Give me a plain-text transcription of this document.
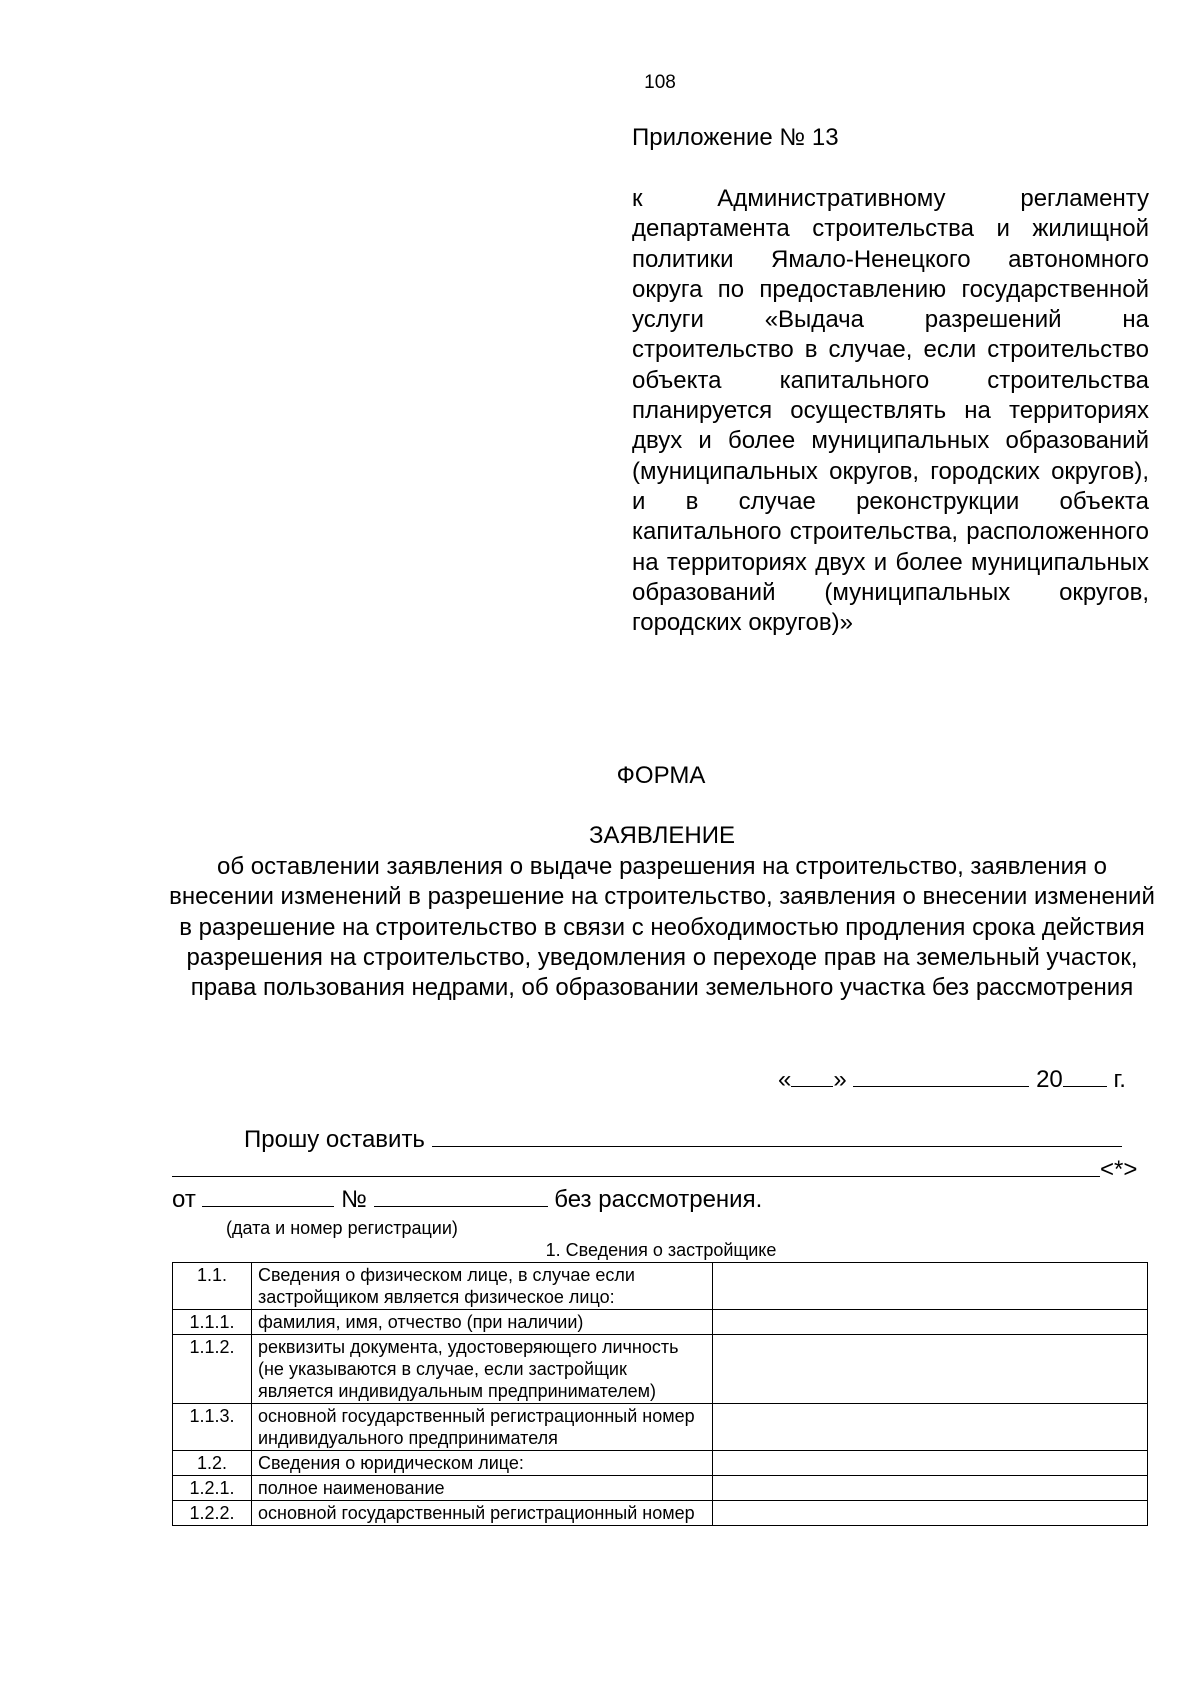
108
Приложение № 13
к Административному регламенту департамента строительства и жилищной политики Ямало-Ненецкого автономного округа по предоставлению государственной услуги «Выдача разрешений на строительство в случае, если строительство объекта капитального строительства планируется осуществлять на территориях двух и более муниципальных образований (муниципальных округов, городских округов), и в случае реконструкции объекта капитального строительства, расположенного на территориях двух и более муниципальных образований (муниципальных округов, городских округов)»
ФОРМА
ЗАЯВЛЕНИЕ
об оставлении заявления о выдаче разрешения на строительство, заявления о внесении изменений в разрешение на строительство, заявления о внесении изменений в разрешение на строительство в связи с необходимостью продления срока действия разрешения на строительство, уведомления о переходе прав на земельный участок, права пользования недрами, об образовании земельного участка без рассмотрения
« »	20 г.
Прошу оставить
<*>
от	№	без рассмотрения.
(дата и номер регистрации)
1. Сведения о застройщике
1.1.	Сведения о физическом лице, в случае если застройщиком является физическое лицо:	
1.1.1.	фамилия, имя, отчество (при наличии)	
1.1.2.	реквизиты документа, удостоверяющего личность (не указываются в случае, если застройщик является индивидуальным предпринимателем)	
1.1.3.	основной государственный регистрационный номер индивидуального предпринимателя	
1.2.	Сведения о юридическом лице:	
1.2.1.	полное наименование	
1.2.2.	основной государственный регистрационный номер	
